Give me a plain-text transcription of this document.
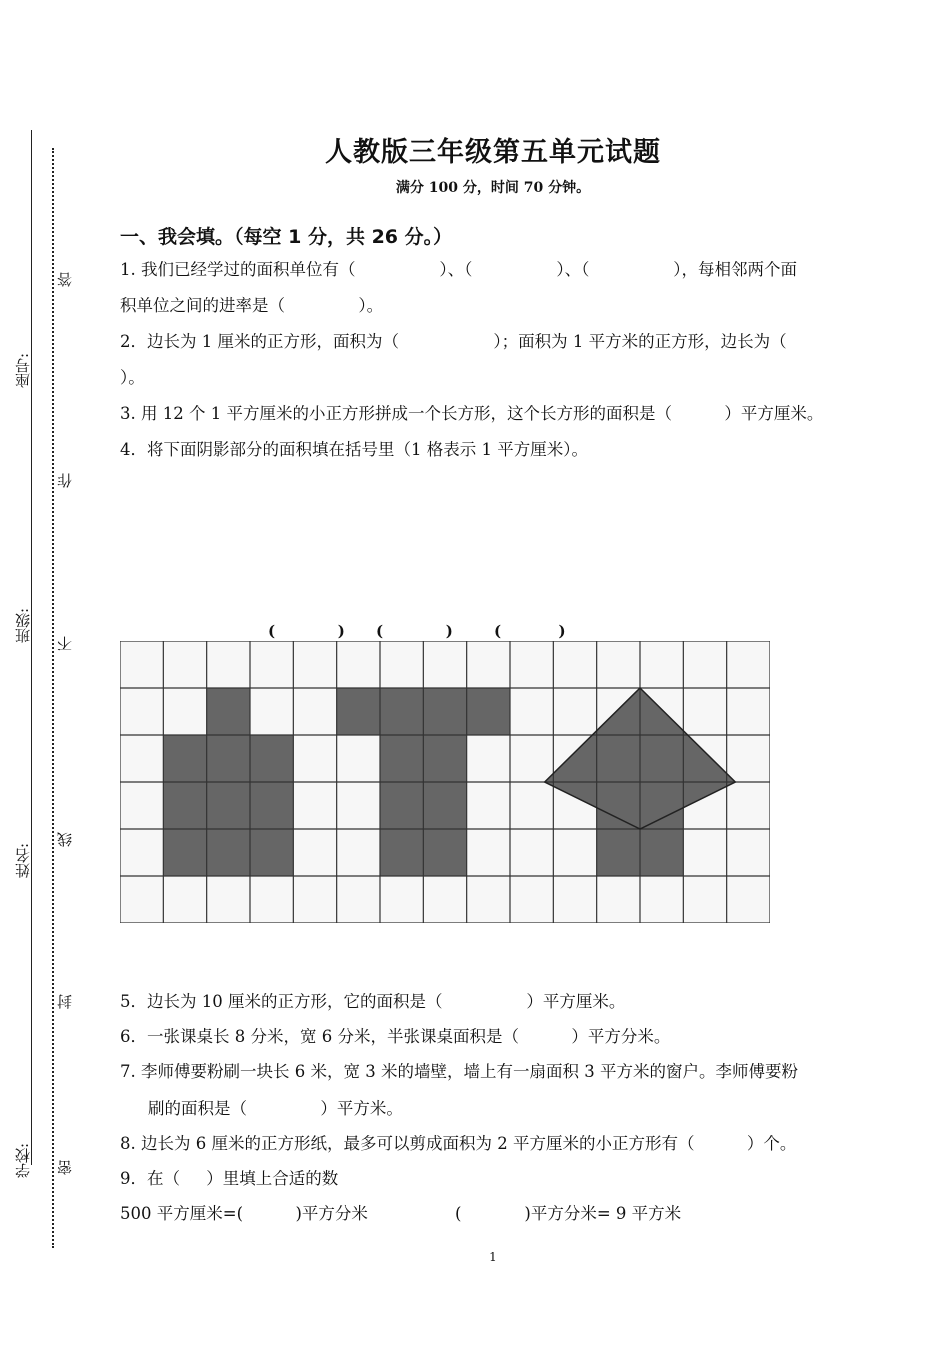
座号:
班级:
姓名:
学校:
答
作
不
线
封
密
人教版三年级第五单元试题
满分 100 分，时间 70 分钟。
一、我会填。（每空 1 分，共 26 分。）
1. 我们已经学过的面积单位有（                ）、（                ）、（                ），每相邻两个面
积单位之间的进率是（              ）。
2．边长为 1 厘米的正方形，面积为（                  ）；面积为 1 平方米的正方形，边长为（
）。
3. 用 12 个 1 平方厘米的小正方形拼成一个长方形，这个长方形的面积是（          ）平方厘米。
4．将下面阴影部分的面积填在括号里（1 格表示 1 平方厘米）。
(            ) (            )	(           )
5．边长为 10 厘米的正方形，它的面积是（                ）平方厘米。
6．一张课桌长 8 分米，宽 6 分米，半张课桌面积是（          ）平方分米。
7. 李师傅要粉刷一块长 6 米，宽 3 米的墙壁，墙上有一扇面积 3 平方米的窗户。李师傅要粉
刷的面积是（              ）平方米。
8. 边长为 6 厘米的正方形纸，最多可以剪成面积为 2 平方厘米的小正方形有（          ）个。
9．在（     ）里填上合适的数
500 平方厘米=(          )平方分米	(            )平方分米= 9 平方米
1
